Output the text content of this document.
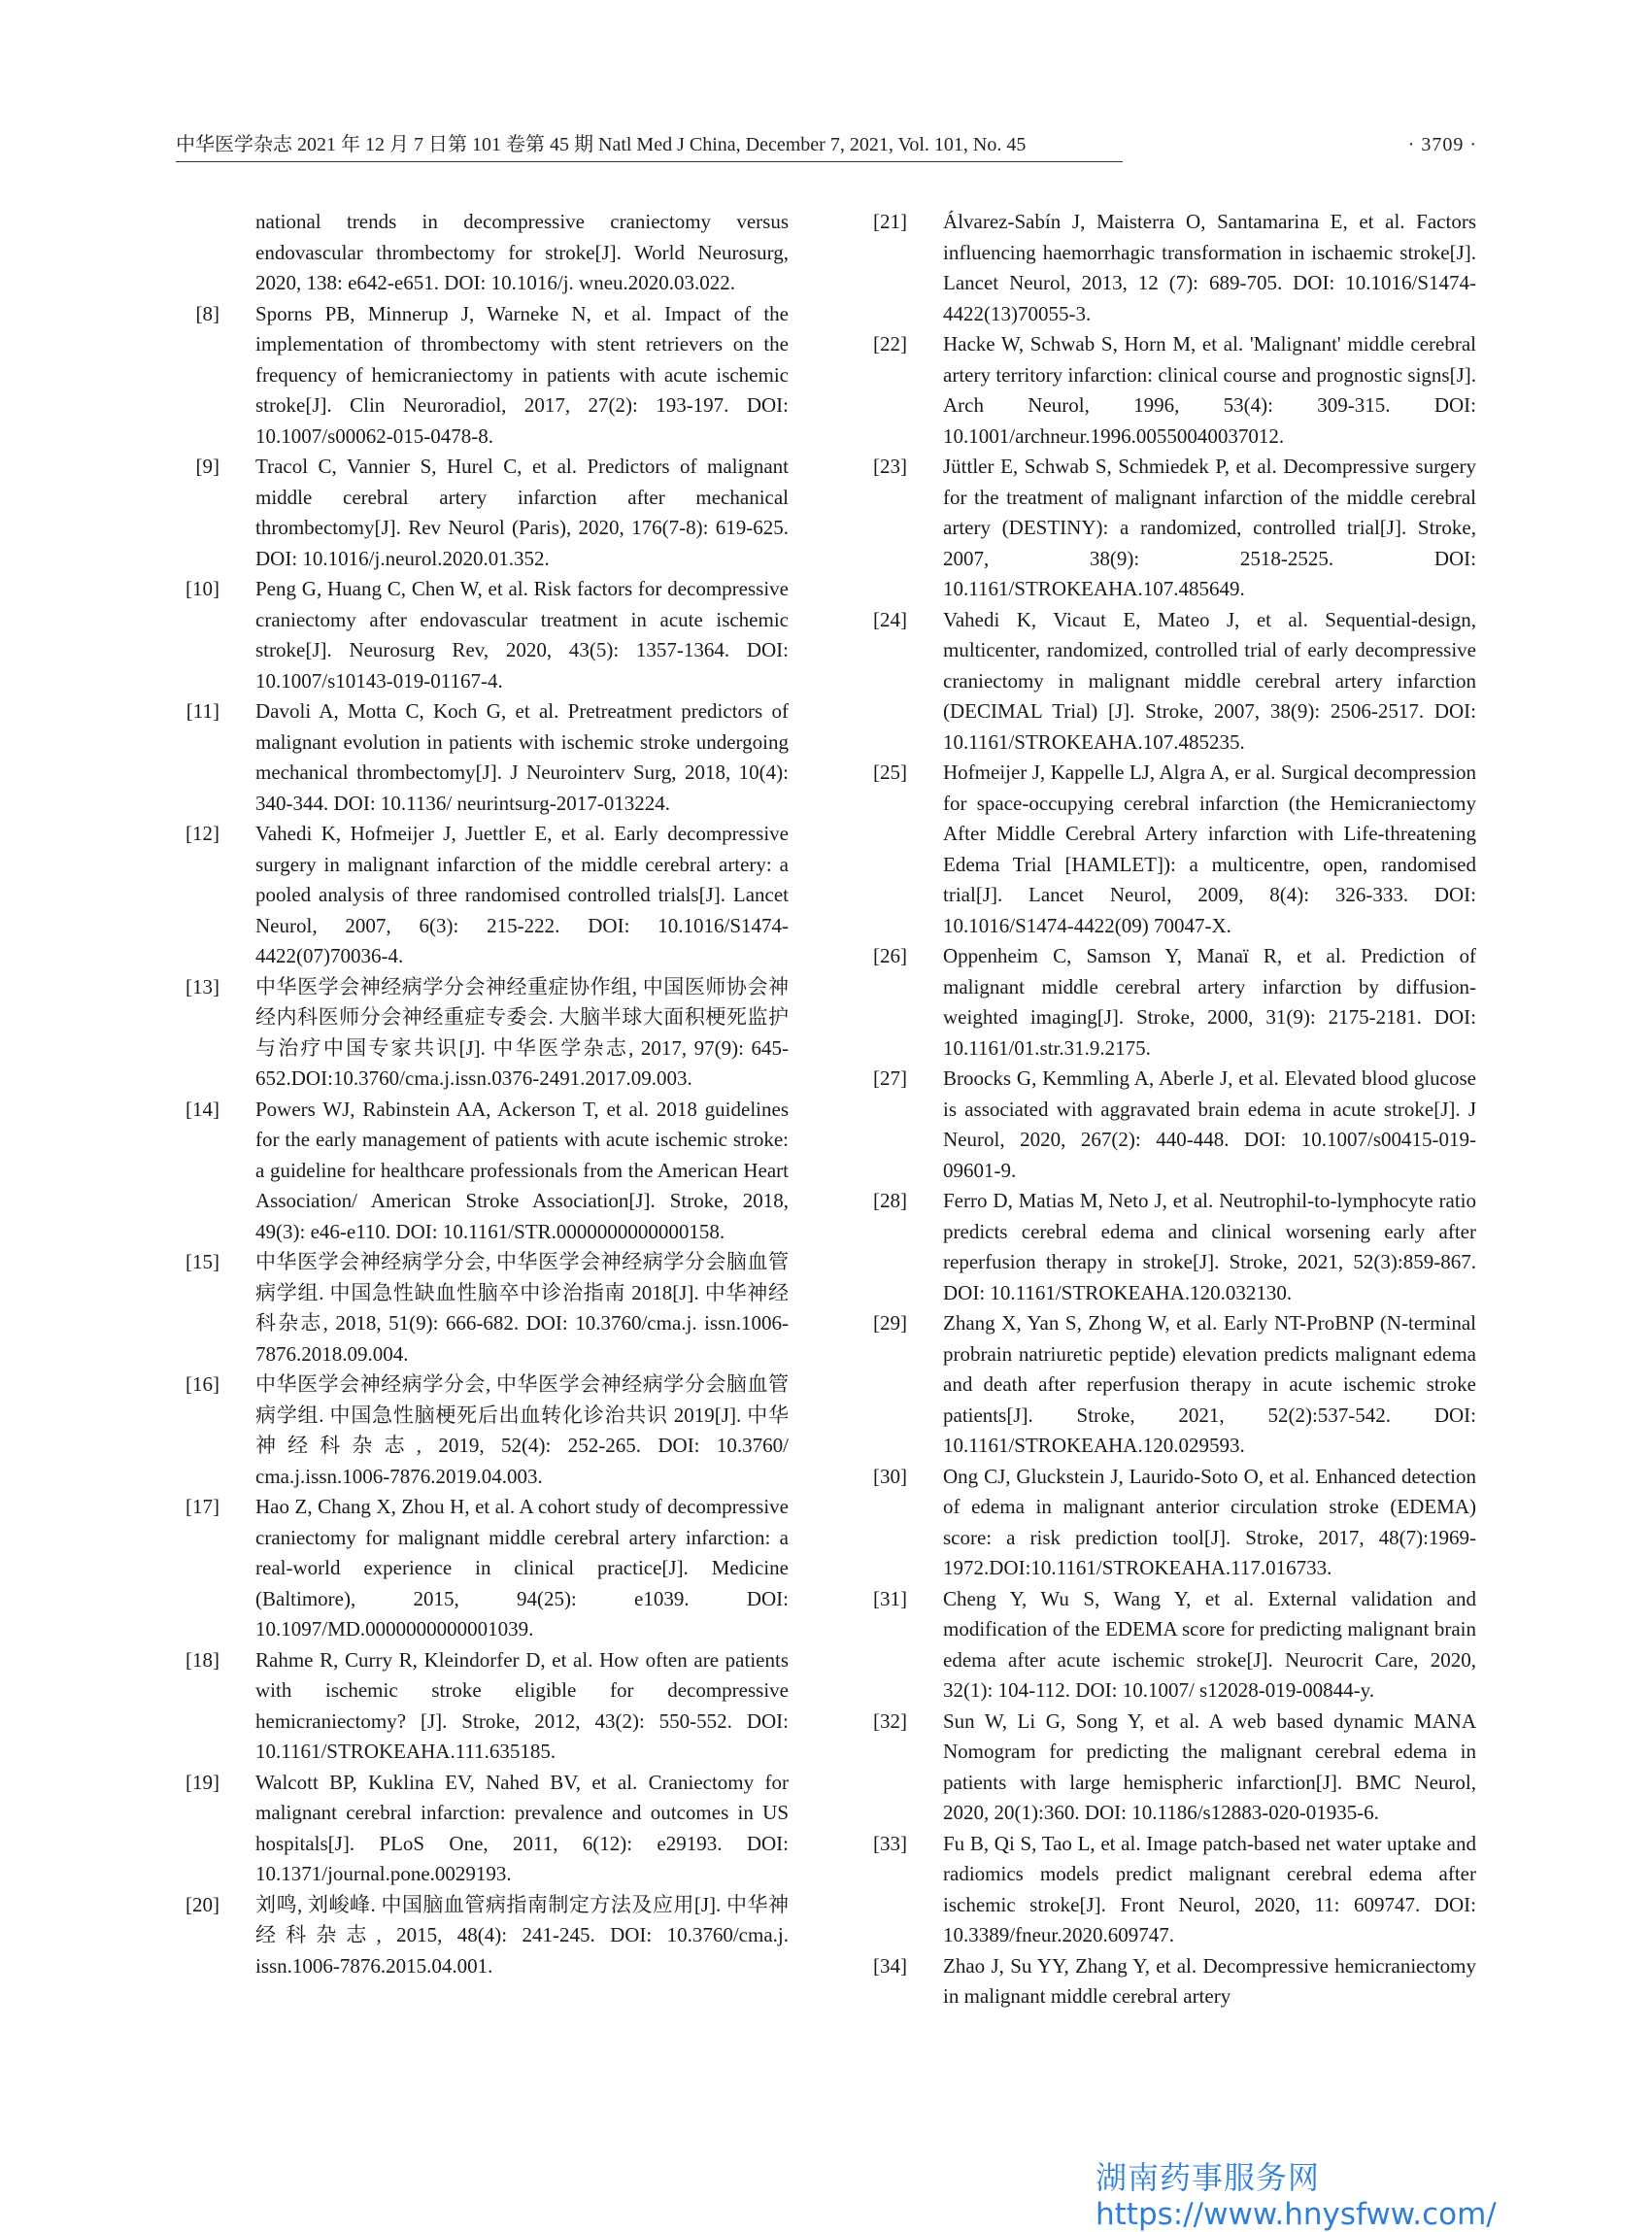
中华医学杂志 2021 年 12 月 7 日第 101 卷第 45 期 Natl Med J China, December 7, 2021, Vol. 101, No. 45	· 3709 ·
national trends in decompressive craniectomy versus endovascular thrombectomy for stroke[J]. World Neurosurg, 2020, 138: e642-e651. DOI: 10.1016/j. wneu.2020.03.022.
[8] Sporns PB, Minnerup J, Warneke N, et al. Impact of the implementation of thrombectomy with stent retrievers on the frequency of hemicraniectomy in patients with acute ischemic stroke[J]. Clin Neuroradiol, 2017, 27(2): 193-197. DOI: 10.1007/s00062-015-0478-8.
[9] Tracol C, Vannier S, Hurel C, et al. Predictors of malignant middle cerebral artery infarction after mechanical thrombectomy[J]. Rev Neurol (Paris), 2020, 176(7-8): 619-625. DOI: 10.1016/j.neurol.2020.01.352.
[10] Peng G, Huang C, Chen W, et al. Risk factors for decompressive craniectomy after endovascular treatment in acute ischemic stroke[J]. Neurosurg Rev, 2020, 43(5): 1357-1364. DOI: 10.1007/s10143-019-01167-4.
[11] Davoli A, Motta C, Koch G, et al. Pretreatment predictors of malignant evolution in patients with ischemic stroke undergoing mechanical thrombectomy[J]. J Neurointerv Surg, 2018, 10(4): 340-344. DOI: 10.1136/ neurintsurg-2017-013224.
[12] Vahedi K, Hofmeijer J, Juettler E, et al. Early decompressive surgery in malignant infarction of the middle cerebral artery: a pooled analysis of three randomised controlled trials[J]. Lancet Neurol, 2007, 6(3): 215-222. DOI: 10.1016/S1474-4422(07)70036-4.
[13] 中华医学会神经病学分会神经重症协作组, 中国医师协会神经内科医师分会神经重症专委会. 大脑半球大面积梗死监护与治疗中国专家共识[J]. 中华医学杂志, 2017, 97(9): 645-652.DOI:10.3760/cma.j.issn.0376-2491.2017.09.003.
[14] Powers WJ, Rabinstein AA, Ackerson T, et al. 2018 guidelines for the early management of patients with acute ischemic stroke: a guideline for healthcare professionals from the American Heart Association/ American Stroke Association[J]. Stroke, 2018, 49(3): e46-e110. DOI: 10.1161/STR.0000000000000158.
[15] 中华医学会神经病学分会, 中华医学会神经病学分会脑血管病学组. 中国急性缺血性脑卒中诊治指南 2018[J]. 中华神经科杂志, 2018, 51(9): 666-682. DOI: 10.3760/cma.j. issn.1006-7876.2018.09.004.
[16] 中华医学会神经病学分会, 中华医学会神经病学分会脑血管病学组. 中国急性脑梗死后出血转化诊治共识 2019[J]. 中华神经科杂志, 2019, 52(4): 252-265. DOI: 10.3760/ cma.j.issn.1006-7876.2019.04.003.
[17] Hao Z, Chang X, Zhou H, et al. A cohort study of decompressive craniectomy for malignant middle cerebral artery infarction: a real-world experience in clinical practice[J]. Medicine (Baltimore), 2015, 94(25): e1039. DOI: 10.1097/MD.0000000000001039.
[18] Rahme R, Curry R, Kleindorfer D, et al. How often are patients with ischemic stroke eligible for decompressive hemicraniectomy? [J]. Stroke, 2012, 43(2): 550-552. DOI: 10.1161/STROKEAHA.111.635185.
[19] Walcott BP, Kuklina EV, Nahed BV, et al. Craniectomy for malignant cerebral infarction: prevalence and outcomes in US hospitals[J]. PLoS One, 2011, 6(12): e29193. DOI: 10.1371/journal.pone.0029193.
[20] 刘鸣, 刘峻峰. 中国脑血管病指南制定方法及应用[J]. 中华神经科杂志, 2015, 48(4): 241-245. DOI: 10.3760/cma.j. issn.1006-7876.2015.04.001.
[21] Álvarez-Sabín J, Maisterra O, Santamarina E, et al. Factors influencing haemorrhagic transformation in ischaemic stroke[J]. Lancet Neurol, 2013, 12 (7): 689-705. DOI: 10.1016/S1474-4422(13)70055-3.
[22] Hacke W, Schwab S, Horn M, et al. 'Malignant' middle cerebral artery territory infarction: clinical course and prognostic signs[J]. Arch Neurol, 1996, 53(4): 309-315. DOI: 10.1001/archneur.1996.00550040037012.
[23] Jüttler E, Schwab S, Schmiedek P, et al. Decompressive surgery for the treatment of malignant infarction of the middle cerebral artery (DESTINY): a randomized, controlled trial[J]. Stroke, 2007, 38(9): 2518-2525. DOI: 10.1161/STROKEAHA.107.485649.
[24] Vahedi K, Vicaut E, Mateo J, et al. Sequential-design, multicenter, randomized, controlled trial of early decompressive craniectomy in malignant middle cerebral artery infarction (DECIMAL Trial) [J]. Stroke, 2007, 38(9): 2506-2517. DOI: 10.1161/STROKEAHA.107.485235.
[25] Hofmeijer J, Kappelle LJ, Algra A, er al. Surgical decompression for space-occupying cerebral infarction (the Hemicraniectomy After Middle Cerebral Artery infarction with Life-threatening Edema Trial [HAMLET]): a multicentre, open, randomised trial[J]. Lancet Neurol, 2009, 8(4): 326-333. DOI: 10.1016/S1474-4422(09) 70047-X.
[26] Oppenheim C, Samson Y, Manaï R, et al. Prediction of malignant middle cerebral artery infarction by diffusion-weighted imaging[J]. Stroke, 2000, 31(9): 2175-2181. DOI: 10.1161/01.str.31.9.2175.
[27] Broocks G, Kemmling A, Aberle J, et al. Elevated blood glucose is associated with aggravated brain edema in acute stroke[J]. J Neurol, 2020, 267(2): 440-448. DOI: 10.1007/s00415-019-09601-9.
[28] Ferro D, Matias M, Neto J, et al. Neutrophil-to-lymphocyte ratio predicts cerebral edema and clinical worsening early after reperfusion therapy in stroke[J]. Stroke, 2021, 52(3):859-867. DOI: 10.1161/STROKEAHA.120.032130.
[29] Zhang X, Yan S, Zhong W, et al. Early NT-ProBNP (N-terminal probrain natriuretic peptide) elevation predicts malignant edema and death after reperfusion therapy in acute ischemic stroke patients[J]. Stroke, 2021, 52(2):537-542. DOI: 10.1161/STROKEAHA.120.029593.
[30] Ong CJ, Gluckstein J, Laurido-Soto O, et al. Enhanced detection of edema in malignant anterior circulation stroke (EDEMA) score: a risk prediction tool[J]. Stroke, 2017, 48(7):1969-1972.DOI:10.1161/STROKEAHA.117.016733.
[31] Cheng Y, Wu S, Wang Y, et al. External validation and modification of the EDEMA score for predicting malignant brain edema after acute ischemic stroke[J]. Neurocrit Care, 2020, 32(1): 104-112. DOI: 10.1007/ s12028-019-00844-y.
[32] Sun W, Li G, Song Y, et al. A web based dynamic MANA Nomogram for predicting the malignant cerebral edema in patients with large hemispheric infarction[J]. BMC Neurol, 2020, 20(1):360. DOI: 10.1186/s12883-020-01935-6.
[33] Fu B, Qi S, Tao L, et al. Image patch-based net water uptake and radiomics models predict malignant cerebral edema after ischemic stroke[J]. Front Neurol, 2020, 11: 609747. DOI: 10.3389/fneur.2020.609747.
[34] Zhao J, Su YY, Zhang Y, et al. Decompressive hemicraniectomy in malignant middle cerebral artery
湖南药事服务网
https://www.hnysfww.com/
